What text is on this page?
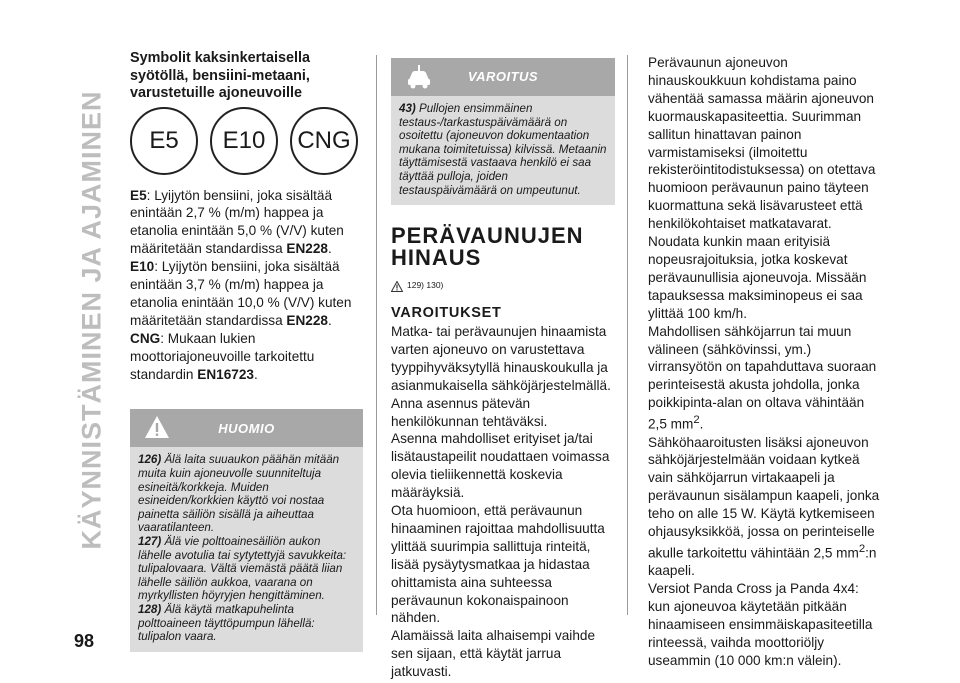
KÄYNNISTÄMINEN JA AJAMINEN
98

Symbolit kaksinkertaisella syötöllä, bensiini-metaani, varustetuille ajoneuvoille

E5	E10	CNG

E5: Lyijytön bensiini, joka sisältää enintään 2,7 % (m/m) happea ja etanolia enintään 5,0 % (V/V) kuten määritetään standardissa EN228.

E10: Lyijytön bensiini, joka sisältää enintään 3,7 % (m/m) happea ja etanolia enintään 10,0 % (V/V) kuten määritetään standardissa EN228.

CNG: Mukaan lukien moottoriajoneuvoille tarkoitettu standardin EN16723.

HUOMIO

126) Älä laita suuaukon päähän mitään muita kuin ajoneuvolle suunniteltuja esineitä/korkkeja. Muiden esineiden/korkkien käyttö voi nostaa painetta säiliön sisällä ja aiheuttaa vaaratilanteen.

127) Älä vie polttoainesäiliön aukon lähelle avotulia tai sytytettyjä savukkeita: tulipalovaara. Vältä viemästä päätä liian lähelle säiliön aukkoa, vaarana on myrkyllisten höyryjen hengittäminen.

128) Älä käytä matkapuhelinta polttoaineen täyttöpumpun lähellä: tulipalon vaara.

VAROITUS

43) Pullojen ensimmäinen testaus-/tarkastuspäivämäärä on osoitettu (ajoneuvon dokumentaation mukana toimitetuissa) kilvissä. Metaanin täyttämisestä vastaava henkilö ei saa täyttää pulloja, joiden testauspäivämäärä on umpeutunut.

PERÄVAUNUJEN
HINAUS
129) 130)

VAROITUKSET

Matka- tai perävaunujen hinaamista varten ajoneuvo on varustettava tyyppihyväksytyllä hinauskoukulla ja asianmukaisella sähköjärjestelmällä. Anna asennus pätevän henkilökunnan tehtäväksi.

Asenna mahdolliset erityiset ja/tai lisätaustapeilit noudattaen voimassa olevia tieliikennettä koskevia määräyksiä.

Ota huomioon, että perävaunun hinaaminen rajoittaa mahdollisuutta ylittää suurimpia sallittuja rinteitä, lisää pysäytysmatkaa ja hidastaa ohittamista aina suhteessa perävaunun kokonaispainoon nähden.

Alamäissä laita alhaisempi vaihde sen sijaan, että käytät jarrua jatkuvasti.

Perävaunun ajoneuvon hinauskoukkuun kohdistama paino vähentää samassa määrin ajoneuvon kuormauskapasiteettia. Suurimman sallitun hinattavan painon varmistamiseksi (ilmoitettu rekisteröintitodistuksessa) on otettava huomioon perävaunun paino täyteen kuormattuna sekä lisävarusteet että henkilökohtaiset matkatavarat.

Noudata kunkin maan erityisiä nopeusrajoituksia, jotka koskevat perävaunullisia ajoneuvoja. Missään tapauksessa maksiminopeus ei saa ylittää 100 km/h.

Mahdollisen sähköjarrun tai muun välineen (sähkövinssi, ym.) virransyötön on tapahduttava suoraan perinteisestä akusta johdolla, jonka poikkipinta-alan on oltava vähintään 2,5 $mm^2$.

Sähköhaaroitusten lisäksi ajoneuvon sähköjärjestelmään voidaan kytkeä vain sähköjarrun virtakaapeli ja perävaunun sisälampun kaapeli, jonka teho on alle 15 W. Käytä kytkemiseen ohjausyksikköä, jossa on perinteiselle akulle tarkoitettu vähintään 2,5 $mm^2:n$ kaapeli.

Versiot Panda Cross ja Panda 4x4: kun ajoneuvoa käytetään pitkään hinaamiseen ensimmäiskapasiteetilla rinteessä, vaihda moottoriöljy useammin (10 000 km:n välein).
